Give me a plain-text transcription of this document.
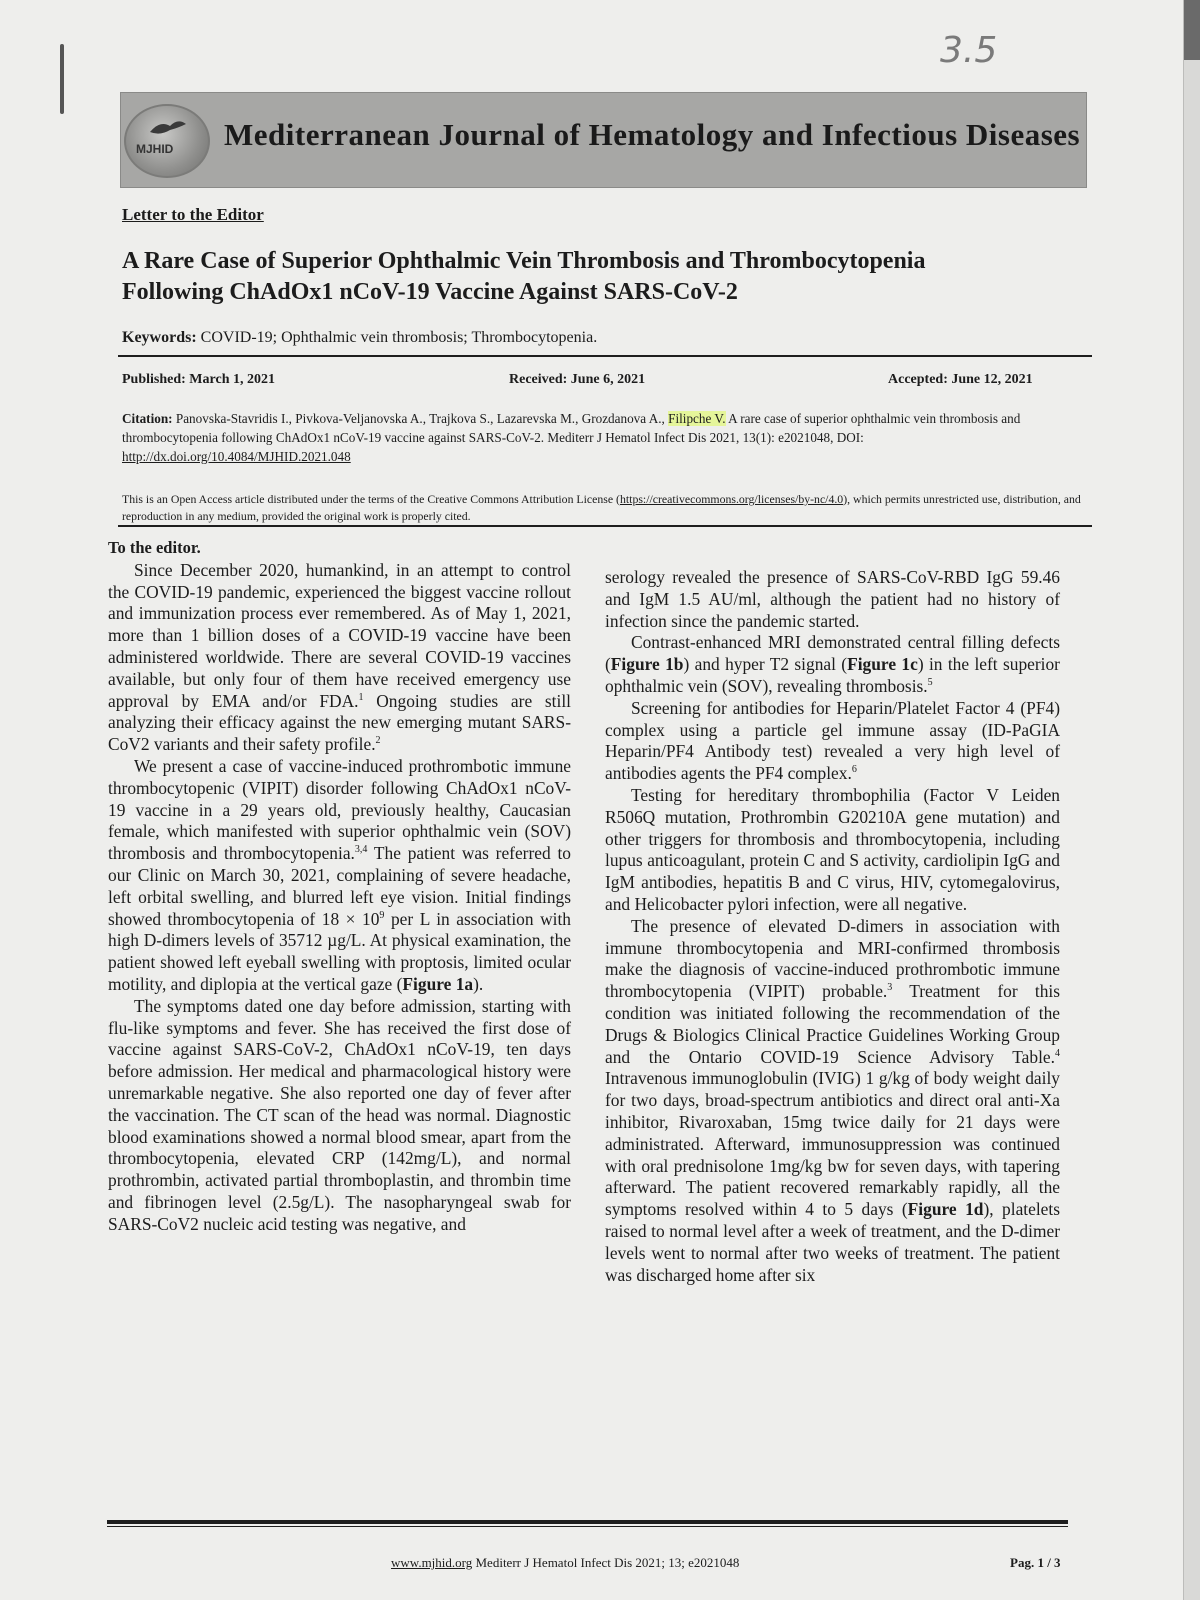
3.5
MJHID Mediterranean Journal of Hematology and Infectious Diseases
Letter to the Editor
A Rare Case of Superior Ophthalmic Vein Thrombosis and Thrombocytopenia
Following ChAdOx1 nCoV-19 Vaccine Against SARS-CoV-2
Keywords: COVID-19; Ophthalmic vein thrombosis; Thrombocytopenia.
Published: March 1, 2021	Received: June 6, 2021	Accepted: June 12, 2021
Citation: Panovska-Stavridis I., Pivkova-Veljanovska A., Trajkova S., Lazarevska M., Grozdanova A., Filipche V. A rare case of superior ophthalmic vein thrombosis and thrombocytopenia following ChAdOx1 nCoV-19 vaccine against SARS-CoV-2. Mediterr J Hematol Infect Dis 2021, 13(1): e2021048, DOI: http://dx.doi.org/10.4084/MJHID.2021.048
This is an Open Access article distributed under the terms of the Creative Commons Attribution License (https://creativecommons.org/licenses/by-nc/4.0), which permits unrestricted use, distribution, and reproduction in any medium, provided the original work is properly cited.
To the editor.

Since December 2020, humankind, in an attempt to control the COVID-19 pandemic, experienced the biggest vaccine rollout and immunization process ever remembered. As of May 1, 2021, more than 1 billion doses of a COVID-19 vaccine have been administered worldwide. There are several COVID-19 vaccines available, but only four of them have received emergency use approval by EMA and/or FDA.$^1$ Ongoing studies are still analyzing their efficacy against the new emerging mutant SARS-CoV2 variants and their safety profile.$^2$

We present a case of vaccine-induced prothrombotic immune thrombocytopenic (VIPIT) disorder following ChAdOx1 nCoV-19 vaccine in a 29 years old, previously healthy, Caucasian female, which manifested with superior ophthalmic vein (SOV) thrombosis and thrombocytopenia.$^{3,4}$ The patient was referred to our Clinic on March 30, 2021, complaining of severe headache, left orbital swelling, and blurred left eye vision. Initial findings showed thrombocytopenia of $18 \times 10^9$ per L in association with high D-dimers levels of 35712 µg/L. At physical examination, the patient showed left eyeball swelling with proptosis, limited ocular motility, and diplopia at the vertical gaze (Figure 1a).

The symptoms dated one day before admission, starting with flu-like symptoms and fever. She has received the first dose of vaccine against SARS-CoV-2, ChAdOx1 nCoV-19, ten days before admission. Her medical and pharmacological history were unremarkable negative. She also reported one day of fever after the vaccination. The CT scan of the head was normal. Diagnostic blood examinations showed a normal blood smear, apart from the thrombocytopenia, elevated CRP (142mg/L), and normal prothrombin, activated partial thromboplastin, and thrombin time and fibrinogen level (2.5g/L). The nasopharyngeal swab for SARS-CoV2 nucleic acid testing was negative, and

serology revealed the presence of SARS-CoV-RBD IgG 59.46 and IgM 1.5 AU/ml, although the patient had no history of infection since the pandemic started.

Contrast-enhanced MRI demonstrated central filling defects (Figure 1b) and hyper T2 signal (Figure 1c) in the left superior ophthalmic vein (SOV), revealing thrombosis.$^5$

Screening for antibodies for Heparin/Platelet Factor 4 (PF4) complex using a particle gel immune assay (ID-PaGIA Heparin/PF4 Antibody test) revealed a very high level of antibodies agents the PF4 complex.$^6$

Testing for hereditary thrombophilia (Factor V Leiden R506Q mutation, Prothrombin G20210A gene mutation) and other triggers for thrombosis and thrombocytopenia, including lupus anticoagulant, protein C and S activity, cardiolipin IgG and IgM antibodies, hepatitis B and C virus, HIV, cytomegalovirus, and Helicobacter pylori infection, were all negative.

The presence of elevated D-dimers in association with immune thrombocytopenia and MRI-confirmed thrombosis make the diagnosis of vaccine-induced prothrombotic immune thrombocytopenia (VIPIT) probable.$^3$ Treatment for this condition was initiated following the recommendation of the Drugs & Biologics Clinical Practice Guidelines Working Group and the Ontario COVID-19 Science Advisory Table.$^4$ Intravenous immunoglobulin (IVIG) 1 g/kg of body weight daily for two days, broad-spectrum antibiotics and direct oral anti-Xa inhibitor, Rivaroxaban, 15mg twice daily for 21 days were administrated. Afterward, immunosuppression was continued with oral prednisolone 1mg/kg bw for seven days, with tapering afterward. The patient recovered remarkably rapidly, all the symptoms resolved within 4 to 5 days (Figure 1d), platelets raised to normal level after a week of treatment, and the D-dimer levels went to normal after two weeks of treatment. The patient was discharged home after six

www.mjhid.org Mediterr J Hematol Infect Dis 2021; 13; e2021048	Pag. 1 / 3
